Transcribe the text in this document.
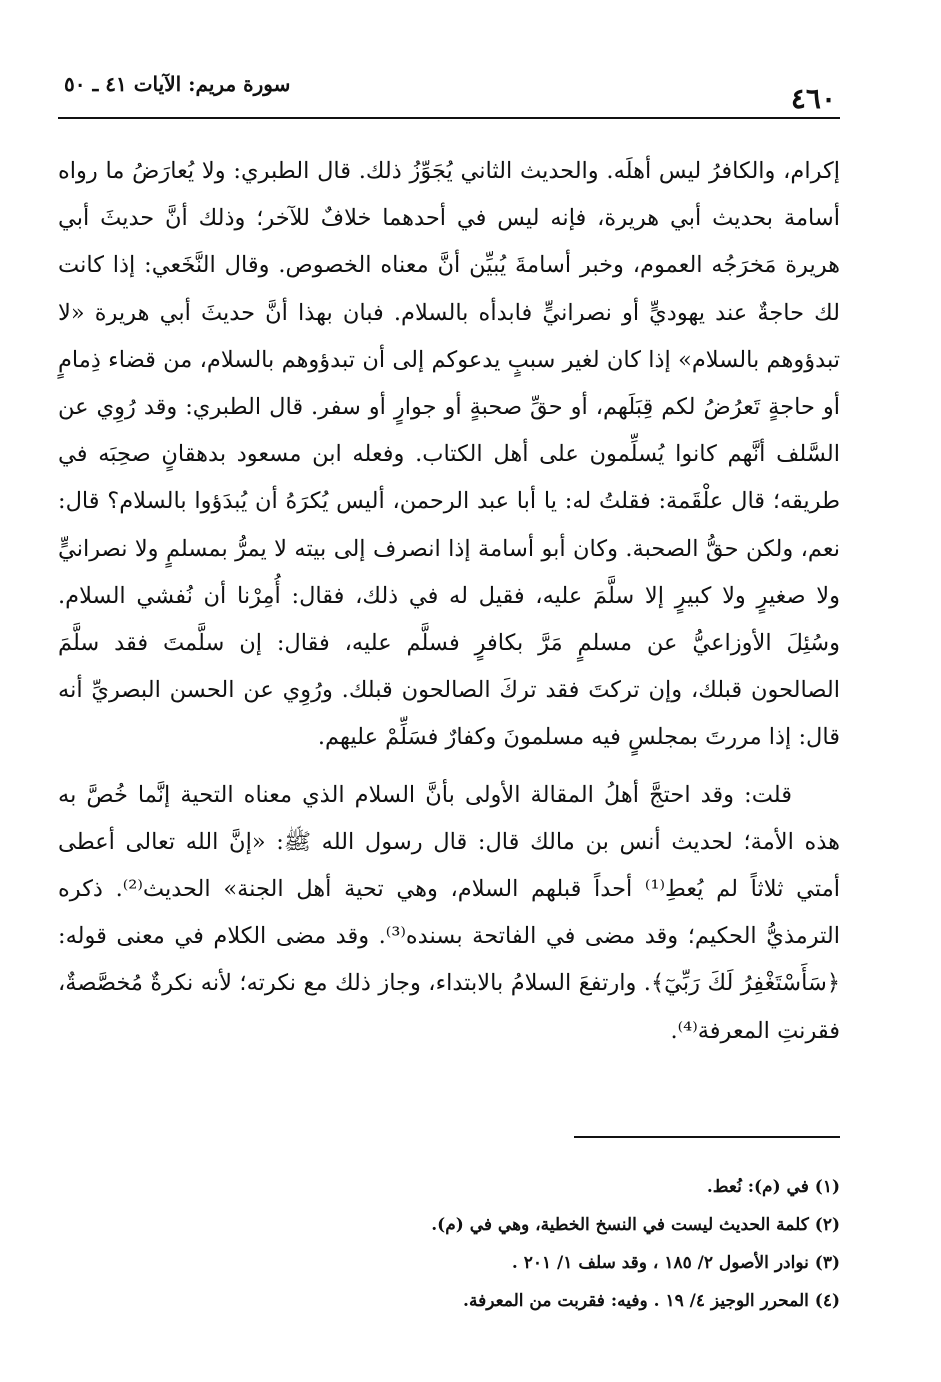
٤٦٠
سورة مريم: الآيات ٤١ ـ ٥٠

إكرام، والكافرُ ليس أهلَه. والحديث الثاني يُجَوِّزُ ذلك. قال الطبري: ولا يُعارَضُ ما رواه أسامة بحديث أبي هريرة، فإنه ليس في أحدهما خلافٌ للآخر؛ وذلك أنَّ حديثَ أبي هريرة مَخرَجُه العموم، وخبر أسامةَ يُبيِّن أنَّ معناه الخصوص. وقال النَّخَعي: إذا كانت لك حاجةٌ عند يهوديٍّ أو نصرانيٍّ فابدأه بالسلام. فبان بهذا أنَّ حديثَ أبي هريرة «لا تبدؤوهم بالسلام» إذا كان لغير سببٍ يدعوكم إلى أن تبدؤوهم بالسلام، من قضاء ذِمامٍ أو حاجةٍ تَعرُضُ لكم قِبَلَهم، أو حقِّ صحبةٍ أو جوارٍ أو سفر. قال الطبري: وقد رُوِي عن السَّلف أنَّهم كانوا يُسلِّمون على أهل الكتاب. وفعله ابن مسعود بدهقانٍ صحِبَه في طريقه؛ قال علْقَمة: فقلتُ له: يا أبا عبد الرحمن، أليس يُكرَهُ أن يُبدَؤوا بالسلام؟ قال: نعم، ولكن حقُّ الصحبة. وكان أبو أسامة إذا انصرف إلى بيته لا يمرُّ بمسلمٍ ولا نصرانيٍّ ولا صغيرٍ ولا كبيرٍ إلا سلَّمَ عليه، فقيل له في ذلك، فقال: أُمِرْنا أن نُفشي السلام. وسُئِلَ الأوزاعيُّ عن مسلمٍ مَرَّ بكافرٍ فسلَّم عليه، فقال: إن سلَّمتَ فقد سلَّمَ الصالحون قبلك، وإن تركتَ فقد تركَ الصالحون قبلك. ورُوِي عن الحسن البصريِّ أنه قال: إذا مررتَ بمجلسٍ فيه مسلمونَ وكفارٌ فسَلِّمْ عليهم.

قلت: وقد احتجَّ أهلُ المقالة الأولى بأنَّ السلام الذي معناه التحية إنَّما خُصَّ به هذه الأمة؛ لحديث أنس بن مالك قال: قال رسول الله ﷺ: «إنَّ الله تعالى أعطى أمتي ثلاثاً لم يُعطِ⁽¹⁾ أحداً قبلهم السلام، وهي تحية أهل الجنة» الحديث⁽²⁾. ذكره الترمذيُّ الحكيم؛ وقد مضى في الفاتحة بسنده⁽³⁾. وقد مضى الكلام في معنى قوله: ﴿سَأَسْتَغْفِرُ لَكَ رَبِّيٓ﴾. وارتفعَ السلامُ بالابتداء، وجاز ذلك مع نكرته؛ لأنه نكرةٌ مُخصَّصةٌ، فقرنتِ المعرفة⁽⁴⁾.

(١) في (م): نُعط.

(٢) كلمة الحديث ليست في النسخ الخطية، وهي في (م).

(٣) نوادر الأصول ٢/ ١٨٥ ، وقد سلف ١/ ٢٠١ .

(٤) المحرر الوجيز ٤/ ١٩ . وفيه: فقربت من المعرفة.
